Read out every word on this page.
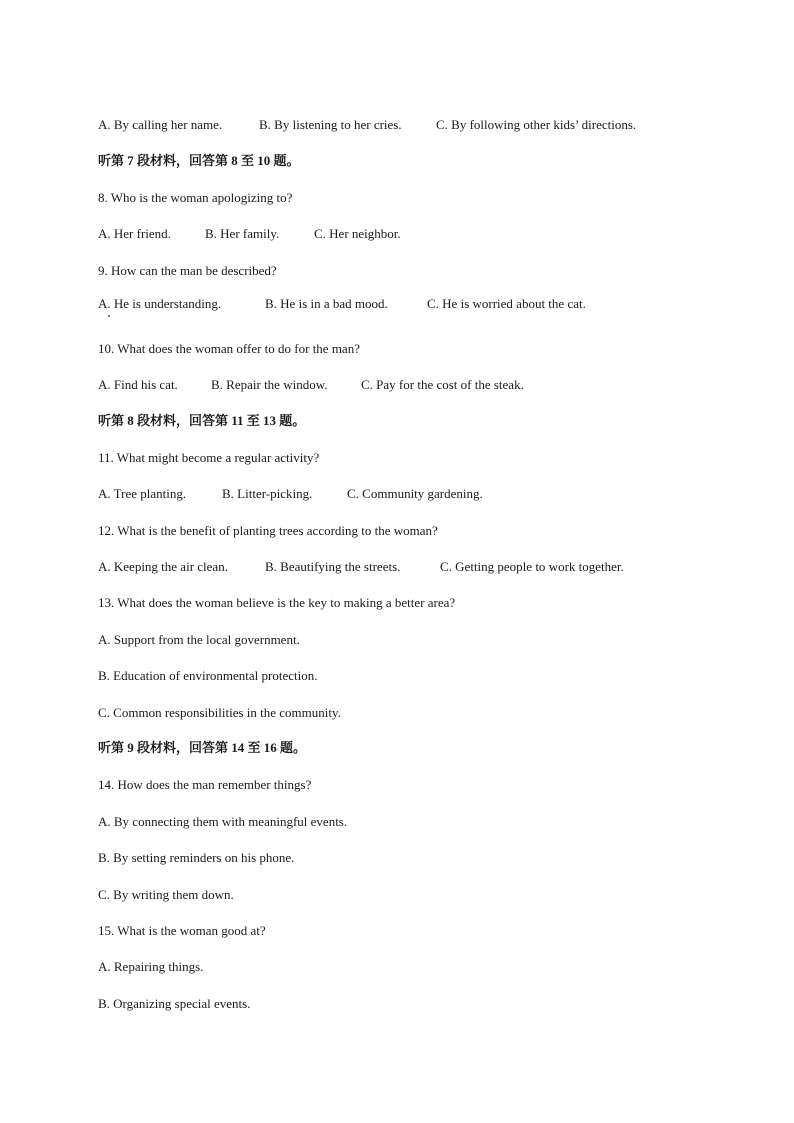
A. By calling her name.	B. By listening to her cries.	C. By following other kids’ directions.
听第 7 段材料，回答第 8 至 10 题。
8. Who is the woman apologizing to?
A. Her friend.	B. Her family.	C. Her neighbor.
9. How can the man be described?
A. He is understanding.	B. He is in a bad mood.	C. He is worried about the cat.
10. What does the woman offer to do for the man?
A. Find his cat.	B. Repair the window.	C. Pay for the cost of the steak.
听第 8 段材料，回答第 11 至 13 题。
11. What might become a regular activity?
A. Tree planting.	B. Litter-picking.	C. Community gardening.
12. What is the benefit of planting trees according to the woman?
A. Keeping the air clean.	B. Beautifying the streets.	C. Getting people to work together.
13. What does the woman believe is the key to making a better area?
A. Support from the local government.
B. Education of environmental protection.
C. Common responsibilities in the community.
听第 9 段材料，回答第 14 至 16 题。
14. How does the man remember things?
A. By connecting them with meaningful events.
B. By setting reminders on his phone.
C. By writing them down.
15. What is the woman good at?
A. Repairing things.
B. Organizing special events.
